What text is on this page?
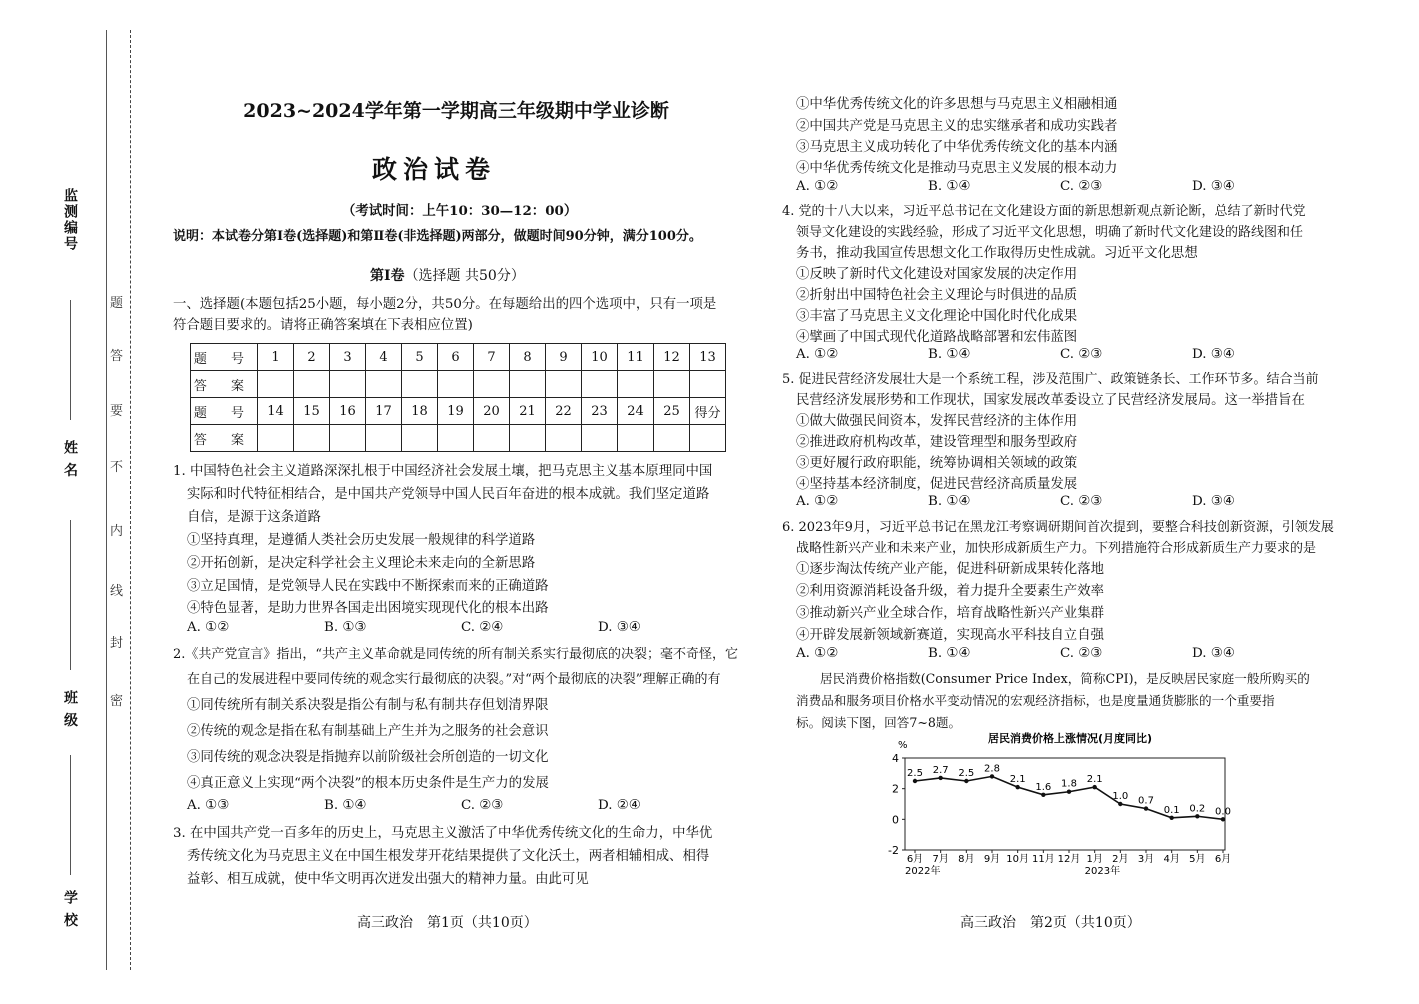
监测编号
姓 名
班 级
学 校
题
答
要
不
内
线
封
密
2023~2024学年第一学期高三年级期中学业诊断
政治试卷
（考试时间：上午10：30—12：00）
说明：本试卷分第Ⅰ卷(选择题)和第Ⅱ卷(非选择题)两部分，做题时间90分钟，满分100分。
第Ⅰ卷（选择题 共50分）
一、选择题(本题包括25小题，每小题2分，共50分。在每题给出的四个选项中，只有一项是
符合题目要求的。请将正确答案填在下表相应位置)
题 号	1	2	3	4	5	6	7	8	9	10	11	12	13
答 案													
题 号	14	15	16	17	18	19	20	21	22	23	24	25	得分
答 案													
1. 中国特色社会主义道路深深扎根于中国经济社会发展土壤，把马克思主义基本原理同中国
实际和时代特征相结合，是中国共产党领导中国人民百年奋进的根本成就。我们坚定道路
自信，是源于这条道路
①坚持真理，是遵循人类社会历史发展一般规律的科学道路
②开拓创新，是决定科学社会主义理论未来走向的全新思路
③立足国情，是党领导人民在实践中不断探索而来的正确道路
④特色显著，是助力世界各国走出困境实现现代化的根本出路
A. ①②	B. ①③	C. ②④	D. ③④
2.《共产党宣言》指出，“共产主义革命就是同传统的所有制关系实行最彻底的决裂；毫不奇怪，它
在自己的发展进程中要同传统的观念实行最彻底的决裂。”对“两个最彻底的决裂”理解正确的有
①同传统所有制关系决裂是指公有制与私有制共存但划清界限
②传统的观念是指在私有制基础上产生并为之服务的社会意识
③同传统的观念决裂是指抛弃以前阶级社会所创造的一切文化
④真正意义上实现“两个决裂”的根本历史条件是生产力的发展
A. ①③	B. ①④	C. ②③	D. ②④
3. 在中国共产党一百多年的历史上，马克思主义激活了中华优秀传统文化的生命力，中华优
秀传统文化为马克思主义在中国生根发芽开花结果提供了文化沃土，两者相辅相成、相得
益彰、相互成就，使中华文明再次迸发出强大的精神力量。由此可见
高三政治　第1页（共10页）
①中华优秀传统文化的许多思想与马克思主义相融相通
②中国共产党是马克思主义的忠实继承者和成功实践者
③马克思主义成功转化了中华优秀传统文化的基本内涵
④中华优秀传统文化是推动马克思主义发展的根本动力
A. ①②	B. ①④	C. ②③	D. ③④
4. 党的十八大以来，习近平总书记在文化建设方面的新思想新观点新论断，总结了新时代党
领导文化建设的实践经验，形成了习近平文化思想，明确了新时代文化建设的路线图和任
务书，推动我国宣传思想文化工作取得历史性成就。习近平文化思想
①反映了新时代文化建设对国家发展的决定作用
②折射出中国特色社会主义理论与时俱进的品质
③丰富了马克思主义文化理论中国化时代化成果
④擘画了中国式现代化道路战略部署和宏伟蓝图
A. ①②	B. ①④	C. ②③	D. ③④
5. 促进民营经济发展壮大是一个系统工程，涉及范围广、政策链条长、工作环节多。结合当前
民营经济发展形势和工作现状，国家发展改革委设立了民营经济发展局。这一举措旨在
①做大做强民间资本，发挥民营经济的主体作用
②推进政府机构改革，建设管理型和服务型政府
③更好履行政府职能，统筹协调相关领域的政策
④坚持基本经济制度，促进民营经济高质量发展
A. ①②	B. ①④	C. ②③	D. ③④
6. 2023年9月，习近平总书记在黑龙江考察调研期间首次提到，要整合科技创新资源，引领发展
战略性新兴产业和未来产业，加快形成新质生产力。下列措施符合形成新质生产力要求的是
①逐步淘汰传统产业产能，促进科研新成果转化落地
②利用资源消耗设备升级，着力提升全要素生产效率
③推动新兴产业全球合作，培育战略性新兴产业集群
④开辟发展新领域新赛道，实现高水平科技自立自强
A. ①②	B. ①④	C. ②③	D. ③④
居民消费价格指数(Consumer Price Index，简称CPI)，是反映居民家庭一般所购买的
消费品和服务项目价格水平变动情况的宏观经济指标，也是度量通货膨胀的一个重要指
标。阅读下图，回答7~8题。
居民消费价格上涨情况(月度同比)
%
-2
0
2
4
6月 7月 8月 9月 10月 11月 12月 1月 2月 3月 4月 5月 6月
2022年	2023年
2.5 2.7 2.5 2.8
2.1
1.6 1.8 2.1
1.0 0.7
0.1 0.2 0.0
高三政治　第2页（共10页）
